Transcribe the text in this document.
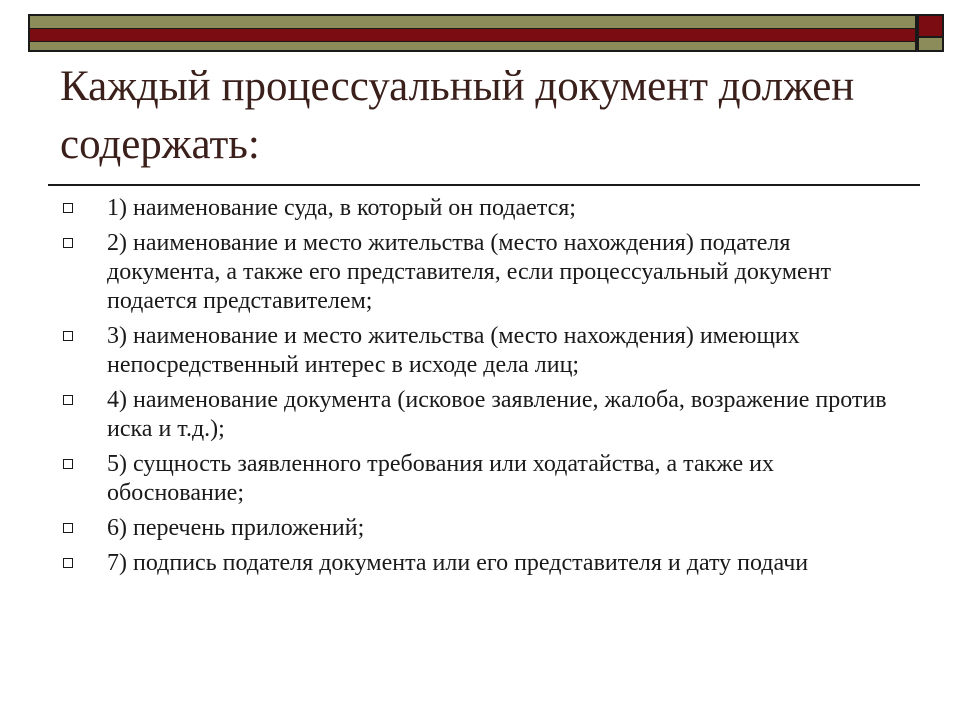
Каждый процессуальный документ должен содержать:
1) наименование суда, в который он подается;
2) наименование и место жительства (место нахождения) подателя документа, а также его представителя, если процессуальный документ подается представителем;
3) наименование и место жительства (место нахождения) имеющих непосредственный интерес в исходе дела лиц;
4) наименование документа (исковое заявление, жалоба, возражение против иска и т.д.);
5) сущность заявленного требования или ходатайства, а также их обоснование;
6) перечень приложений;
7) подпись подателя документа или его представителя и дату подачи
